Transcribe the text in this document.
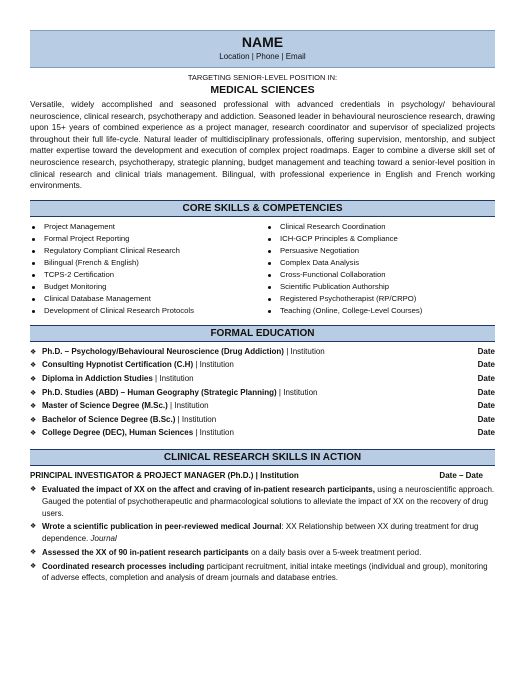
NAME
Location | Phone | Email
TARGETING SENIOR-LEVEL POSITION IN:
MEDICAL SCIENCES
Versatile, widely accomplished and seasoned professional with advanced credentials in psychology/ behavioural neuroscience, clinical research, psychotherapy and addiction. Seasoned leader in behavioural neuroscience research, drawing upon 15+ years of combined experience as a project manager, research coordinator and supervisor of specialized projects throughout their full life-cycle. Natural leader of multidisciplinary professionals, offering supervision, mentorship, and subject matter expertise toward the development and execution of complex project roadmaps. Eager to combine a diverse skill set of neuroscience research, psychotherapy, strategic planning, budget management and teaching toward a senior-level position in clinical research and clinical trials management. Bilingual, with professional experience in English and French working environments.
CORE SKILLS & COMPETENCIES
Project Management
Formal Project Reporting
Regulatory Compliant Clinical Research
Bilingual (French & English)
TCPS-2 Certification
Budget Monitoring
Clinical Database Management
Development of Clinical Research Protocols
Clinical Research Coordination
ICH-GCP Principles & Compliance
Persuasive Negotiation
Complex Data Analysis
Cross-Functional Collaboration
Scientific Publication Authorship
Registered Psychotherapist (RP/CRPO)
Teaching (Online, College-Level Courses)
FORMAL EDUCATION
❖ Ph.D. – Psychology/Behavioural Neuroscience (Drug Addiction) | Institution	Date
❖ Consulting Hypnotist Certification (C.H) | Institution	Date
❖ Diploma in Addiction Studies | Institution	Date
❖ Ph.D. Studies (ABD) – Human Geography (Strategic Planning) | Institution	Date
❖ Master of Science Degree (M.Sc.) | Institution	Date
❖ Bachelor of Science Degree (B.Sc.) | Institution	Date
❖ College Degree (DEC), Human Sciences | Institution	Date
CLINICAL RESEARCH SKILLS IN ACTION
PRINCIPAL INVESTIGATOR & PROJECT MANAGER (Ph.D.) | Institution	Date – Date
❖ Evaluated the impact of XX on the affect and craving of in-patient research participants, using a neuroscientific approach. Gauged the potential of psychotherapeutic and pharmacological solutions to alleviate the impact of XX on the recovery of drug users.
❖ Wrote a scientific publication in peer-reviewed medical Journal: XX Relationship between XX during treatment for drug dependence. Journal
❖ Assessed the XX of 90 in-patient research participants on a daily basis over a 5-week treatment period.
❖ Coordinated research processes including participant recruitment, initial intake meetings (individual and group), monitoring of adverse effects, completion and analysis of dream journals and database entries.
